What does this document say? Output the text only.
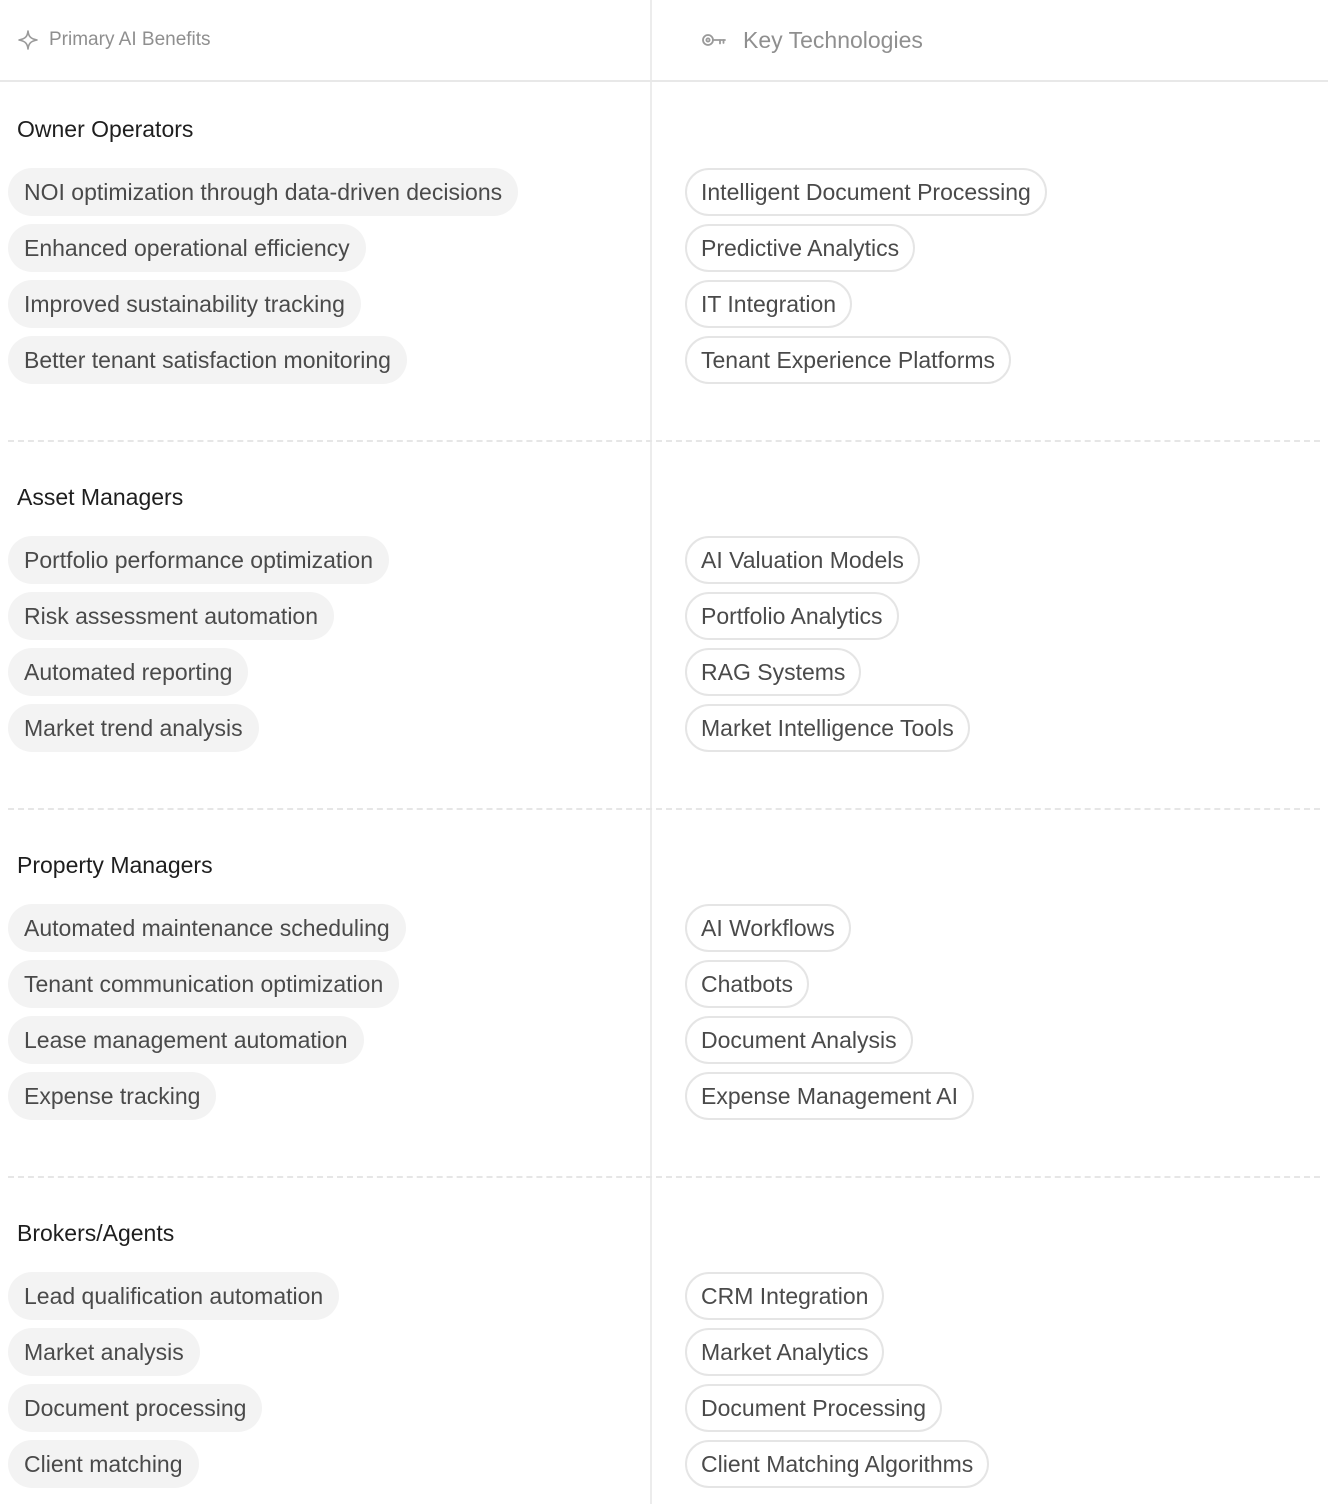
Primary AI Benefits	Key Technologies
Owner Operators
NOI optimization through data-driven decisions
Enhanced operational efficiency
Improved sustainability tracking
Better tenant satisfaction monitoring
Intelligent Document Processing
Predictive Analytics
IT Integration
Tenant Experience Platforms
Asset Managers
Portfolio performance optimization
Risk assessment automation
Automated reporting
Market trend analysis
AI Valuation Models
Portfolio Analytics
RAG Systems
Market Intelligence Tools
Property Managers
Automated maintenance scheduling
Tenant communication optimization
Lease management automation
Expense tracking
AI Workflows
Chatbots
Document Analysis
Expense Management AI
Brokers/Agents
Lead qualification automation
Market analysis
Document processing
Client matching
CRM Integration
Market Analytics
Document Processing
Client Matching Algorithms
